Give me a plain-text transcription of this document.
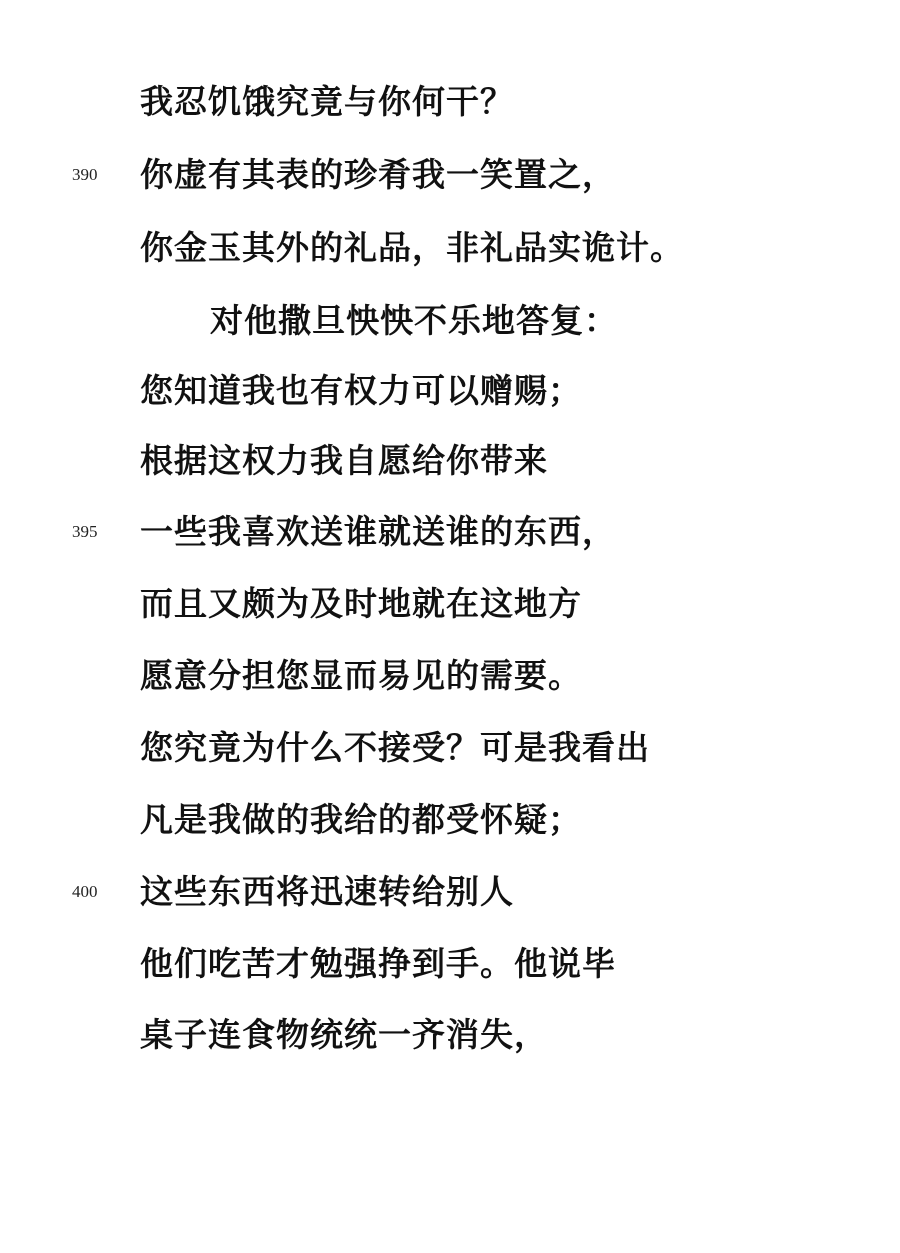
我忍饥饿究竟与你何干？
390 你虚有其表的珍肴我一笑置之，
你金玉其外的礼品，非礼品实诡计。
对他撒旦怏怏不乐地答复：
您知道我也有权力可以赠赐；
根据这权力我自愿给你带来
395 一些我喜欢送谁就送谁的东西，
而且又颇为及时地就在这地方
愿意分担您显而易见的需要。
您究竟为什么不接受？可是我看出
凡是我做的我给的都受怀疑；
400 这些东西将迅速转给别人
他们吃苦才勉强挣到手。他说毕
桌子连食物统统一齐消失，
